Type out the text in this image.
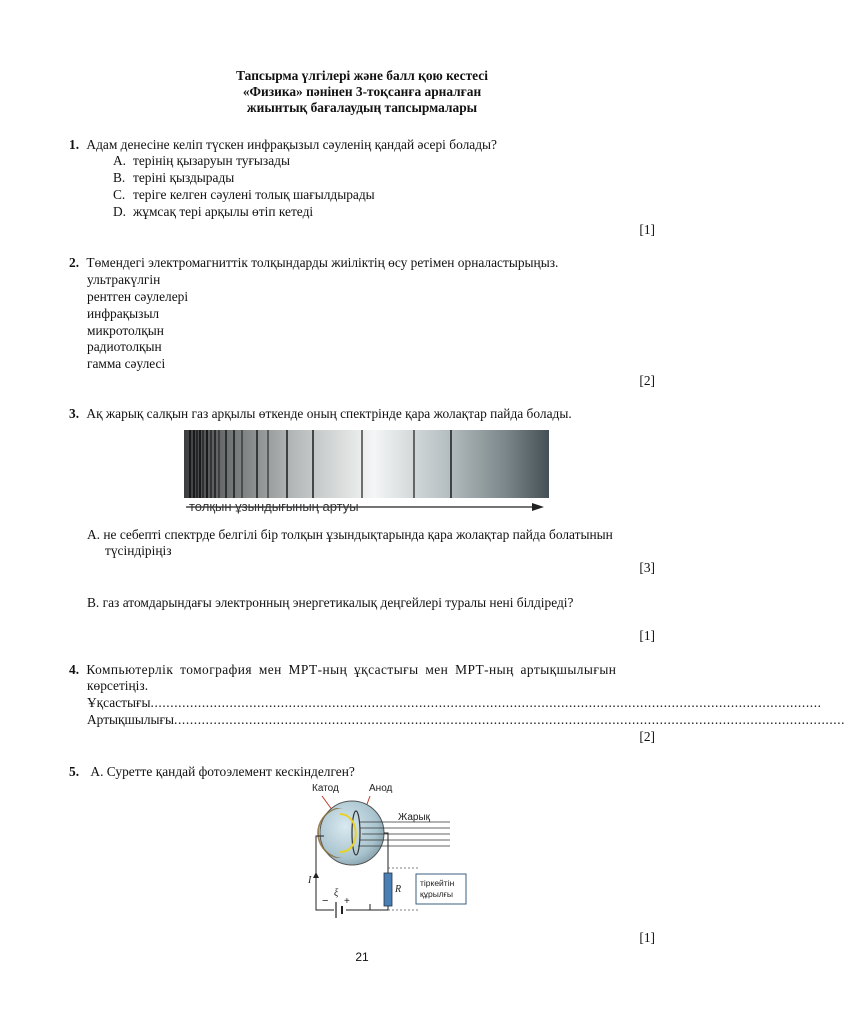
Тапсырма үлгілері және балл қою кестесі
«Физика» пәнінен 3-тоқсанға арналған
жиынтық бағалаудың тапсырмалары
1. Адам денесіне келіп түскен инфрақызыл сәуленің қандай әсері болады?
A. терінің қызаруын туғызады
B. теріні қыздырады
C. теріге келген сәулені толық шағылдырады
D. жұмсақ тері арқылы өтіп кетеді
[1]
2. Төмендегі электромагниттік толқындарды жиіліктің өсу ретімен орналастырыңыз.
ультракүлгін
рентген сәулелері
инфрақызыл
микротолқын
радиотолқын
гамма сәулесі
[2]
3. Ақ жарық салқын газ арқылы өткенде оның спектрінде қара жолақтар пайда болады.
толқын ұзындығының артуы
A. не себепті спектрде белгілі бір толқын ұзындықтарында қара жолақтар пайда болатынын
түсіндіріңіз
[3]
B. газ атомдарындағы электронның энергетикалық деңгейлері туралы нені білдіреді?
[1]
4. Компьютерлік томография мен МРТ-ның ұқсастығы мен МРТ-ның артықшылығын
көрсетіңіз.
Ұқсастығы..........................................................................................................................................................................
Артықшылығы..........................................................................................................................................................................
[2]
5. A. Суретте қандай фотоэлемент кескінделген?
Катод	Анод
Жарық
− +
ξ
I
R
тіркейтін
құрылғы
[1]
21
